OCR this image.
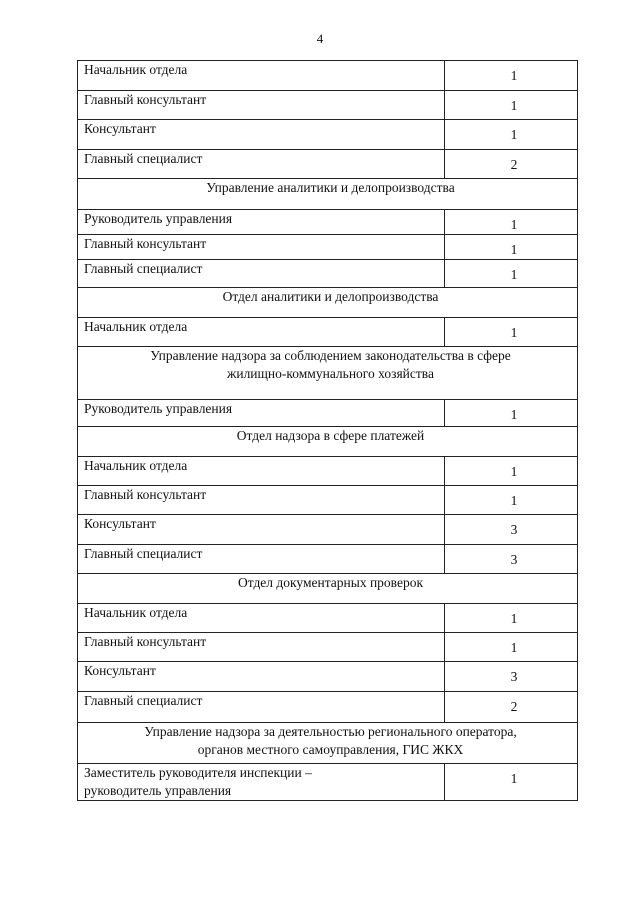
4
Начальник отдела	1

Главный консультант	1

Консультант	1

Главный специалист	2

Управление аналитики и делопроизводства	

Руководитель управления	1

Главный консультант	1

Главный специалист	1

Отдел аналитики и делопроизводства	

Начальник отдела	1

Управление надзора за соблюдением законодательства в сфере
жилищно-коммунального хозяйства	

Руководитель управления	1

Отдел надзора в сфере платежей	

Начальник отдела	1

Главный консультант	1

Консультант	3

Главный специалист	3

Отдел документарных проверок	

Начальник отдела	1

Главный консультант	1

Консультант	3

Главный специалист	2

Управление надзора за деятельностью регионального оператора,
органов местного самоуправления, ГИС ЖКХ	

Заместитель руководителя инспекции –
руководитель управления	1
